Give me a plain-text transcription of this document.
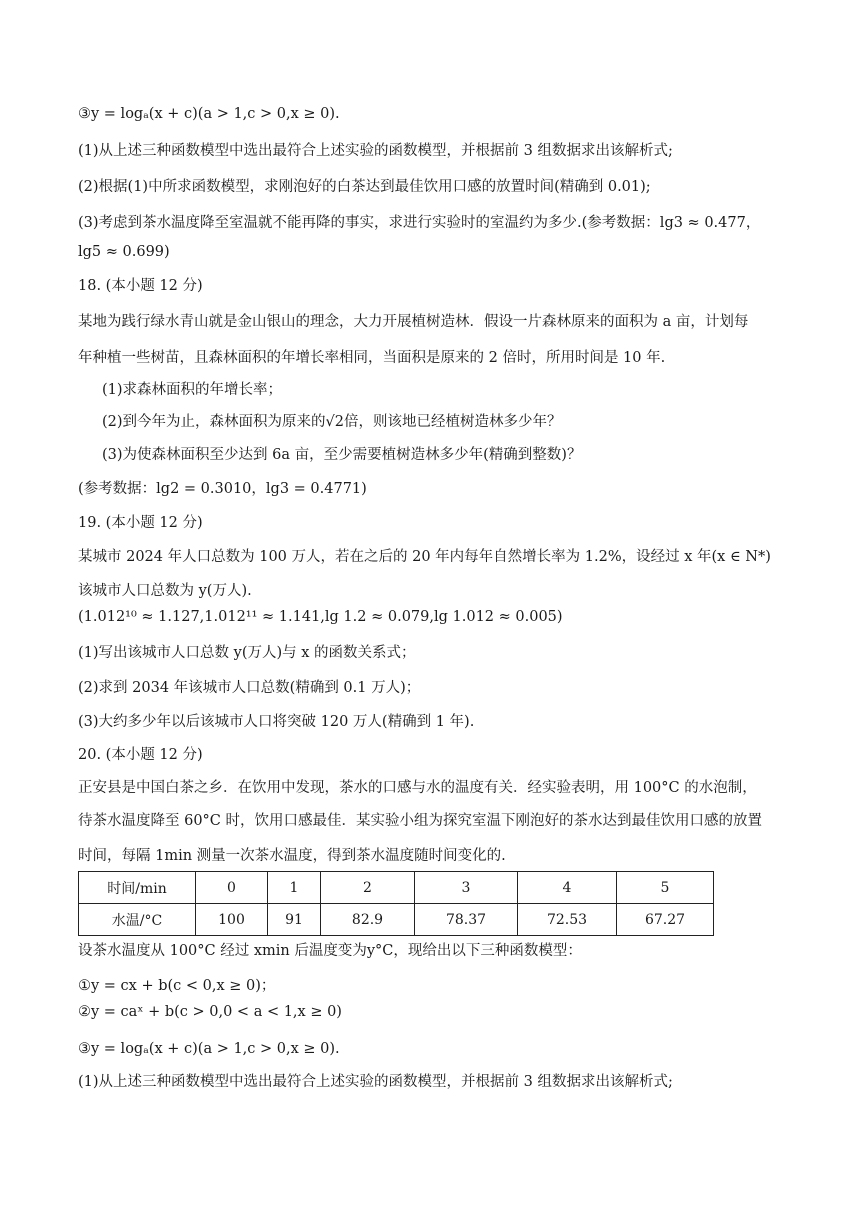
③y = logₐ(x + c)(a > 1,c > 0,x ≥ 0).
(1)从上述三种函数模型中选出最符合上述实验的函数模型，并根据前 3 组数据求出该解析式;
(2)根据(1)中所求函数模型，求刚泡好的白茶达到最佳饮用口感的放置时间(精确到 0.01);
(3)考虑到茶水温度降至室温就不能再降的事实，求进行实验时的室温约为多少.(参考数据：lg3 ≈ 0.477，
lg5 ≈ 0.699)
18. (本小题 12 分)
某地为践行绿水青山就是金山银山的理念，大力开展植树造林．假设一片森林原来的面积为 a 亩，计划每
年种植一些树苗，且森林面积的年增长率相同，当面积是原来的 2 倍时，所用时间是 10 年.
(1)求森林面积的年增长率；
(2)到今年为止，森林面积为原来的√2倍，则该地已经植树造林多少年？
(3)为使森林面积至少达到 6a 亩，至少需要植树造林多少年(精确到整数)？
(参考数据：lg2 = 0.3010，lg3 = 0.4771)
19. (本小题 12 分)
某城市 2024 年人口总数为 100 万人，若在之后的 20 年内每年自然增长率为 1.2%，设经过 x 年(x ∈ N*)
该城市人口总数为 y(万人).
(1.012¹⁰ ≈ 1.127,1.012¹¹ ≈ 1.141,lg 1.2 ≈ 0.079,lg 1.012 ≈ 0.005)
(1)写出该城市人口总数 y(万人)与 x 的函数关系式；
(2)求到 2034 年该城市人口总数(精确到 0.1 万人)；
(3)大约多少年以后该城市人口将突破 120 万人(精确到 1 年).
20. (本小题 12 分)
正安县是中国白茶之乡．在饮用中发现，茶水的口感与水的温度有关．经实验表明，用 100°C 的水泡制，
待茶水温度降至 60°C 时，饮用口感最佳．某实验小组为探究室温下刚泡好的茶水达到最佳饮用口感的放置
时间，每隔 1min 测量一次茶水温度，得到茶水温度随时间变化的.
时间/min	0	1	2	3	4	5
水温/°C	100	91	82.9	78.37	72.53	67.27
设茶水温度从 100°C 经过 xmin 后温度变为y°C，现给出以下三种函数模型：
①y = cx + b(c < 0,x ≥ 0)；
②y = caˣ + b(c > 0,0 < a < 1,x ≥ 0)
③y = logₐ(x + c)(a > 1,c > 0,x ≥ 0).
(1)从上述三种函数模型中选出最符合上述实验的函数模型，并根据前 3 组数据求出该解析式;
